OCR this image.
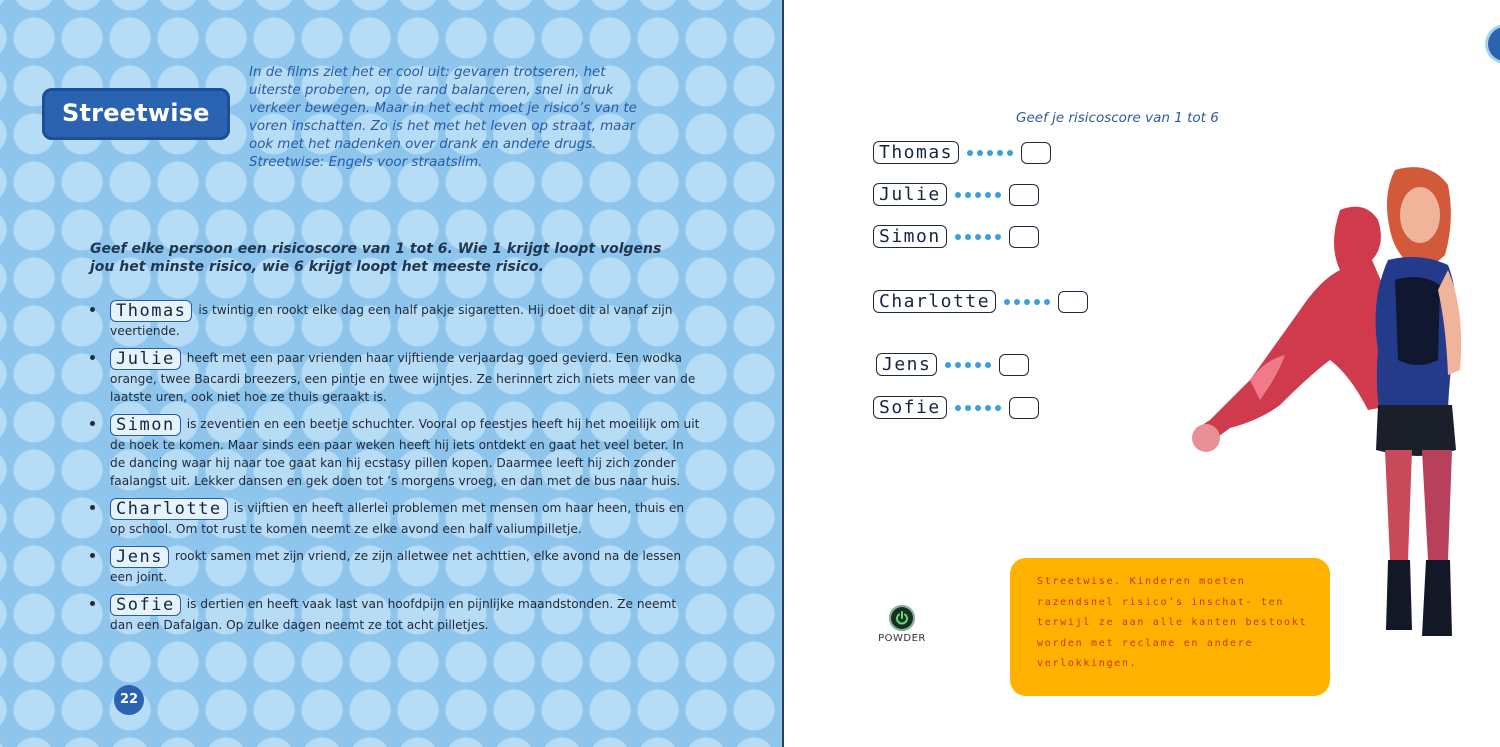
Streetwise

In de films ziet het er cool uit: gevaren trotseren, het uiterste proberen, op de rand balanceren, snel in druk verkeer bewegen. Maar in het echt moet je risico’s van te voren inschatten. Zo is het met het leven op straat, maar ook met het nadenken over drank en andere drugs. Streetwise: Engels voor straatslim.

Geef elke persoon een risicoscore van 1 tot 6. Wie 1 krijgt loopt volgens jou het minste risico, wie 6 krijgt loopt het meeste risico.

Thomas is twintig en rookt elke dag een half pakje sigaretten. Hij doet dit al vanaf zijn veertiende.
Julie heeft met een paar vrienden haar vijftiende verjaardag goed gevierd. Een wodka orange, twee Bacardi breezers, een pintje en twee wijntjes. Ze herinnert zich niets meer van de laatste uren, ook niet hoe ze thuis geraakt is.
Simon is zeventien en een beetje schuchter. Vooral op feestjes heeft hij het moeilijk om uit de hoek te komen. Maar sinds een paar weken heeft hij iets ontdekt en gaat het veel beter. In de dancing waar hij naar toe gaat kan hij ecstasy pillen kopen. Daarmee leeft hij zich zonder faalangst uit. Lekker dansen en gek doen tot ’s morgens vroeg, en dan met de bus naar huis.
Charlotte is vijftien en heeft allerlei problemen met mensen om haar heen, thuis en op school. Om tot rust te komen neemt ze elke avond een half valiumpilletje.
Jens rookt samen met zijn vriend, ze zijn alletwee net achttien, elke avond na de lessen een joint.
Sofie is dertien en heeft vaak last van hoofdpijn en pijnlijke maandstonden. Ze neemt dan een Dafalgan. Op zulke dagen neemt ze tot acht pilletjes.
22
Geef je risicoscore van 1 tot 6
Thomas
Julie
Simon
Charlotte
Jens
Sofie
POWDER

Streetwise. Kinderen moeten razendsnel risico’s inschat- ten terwijl ze aan alle kanten bestookt worden met reclame en andere verlokkingen.
